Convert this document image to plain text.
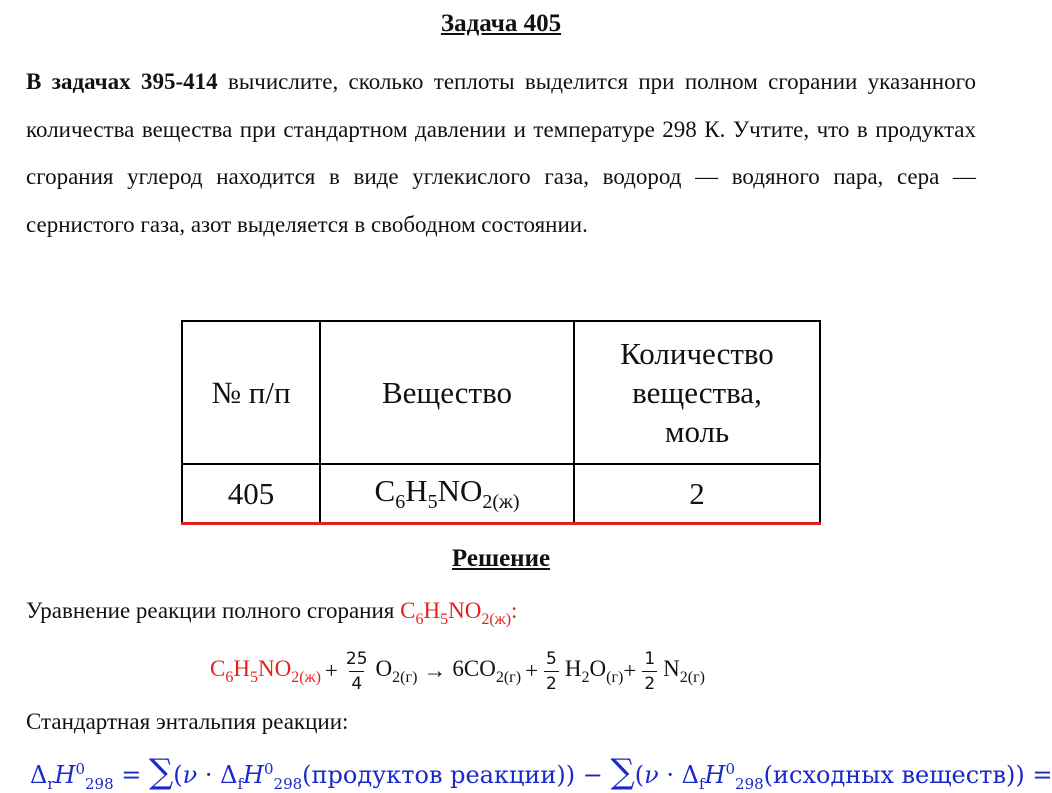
Задача 405
В задачах 395-414 вычислите, сколько теплоты выделится при полном сгорании указанного количества вещества при стандартном давлении и температуре 298 К. Учтите, что в продуктах сгорания углерод находится в виде углекислого газа, водород — водяного пара, сера — сернистого газа, азот выделяется в свободном состоянии.
№ п/п	Вещество	Количество вещества, моль
405	$C_6H_5NO_{2(ж)}$	2
Решение
Уравнение реакции полного сгорания $C_6H_5NO_{2(ж)}$:
$C_6H_5NO_{2(ж)} + \frac{25}{4} O_{2(г)} \to 6CO_{2(г)} + \frac{5}{2} H_2O_{(г)} + \frac{1}{2} N_{2(г)}$
Стандартная энтальпия реакции:
$\Delta_rH^0_{298} = \sum(\nu$ · $\Delta_fH^0_{298}(продуктов$ реакции)) − $\sum(\nu \cdot \Delta_fH^0_{298}(исходных$ веществ)) =
